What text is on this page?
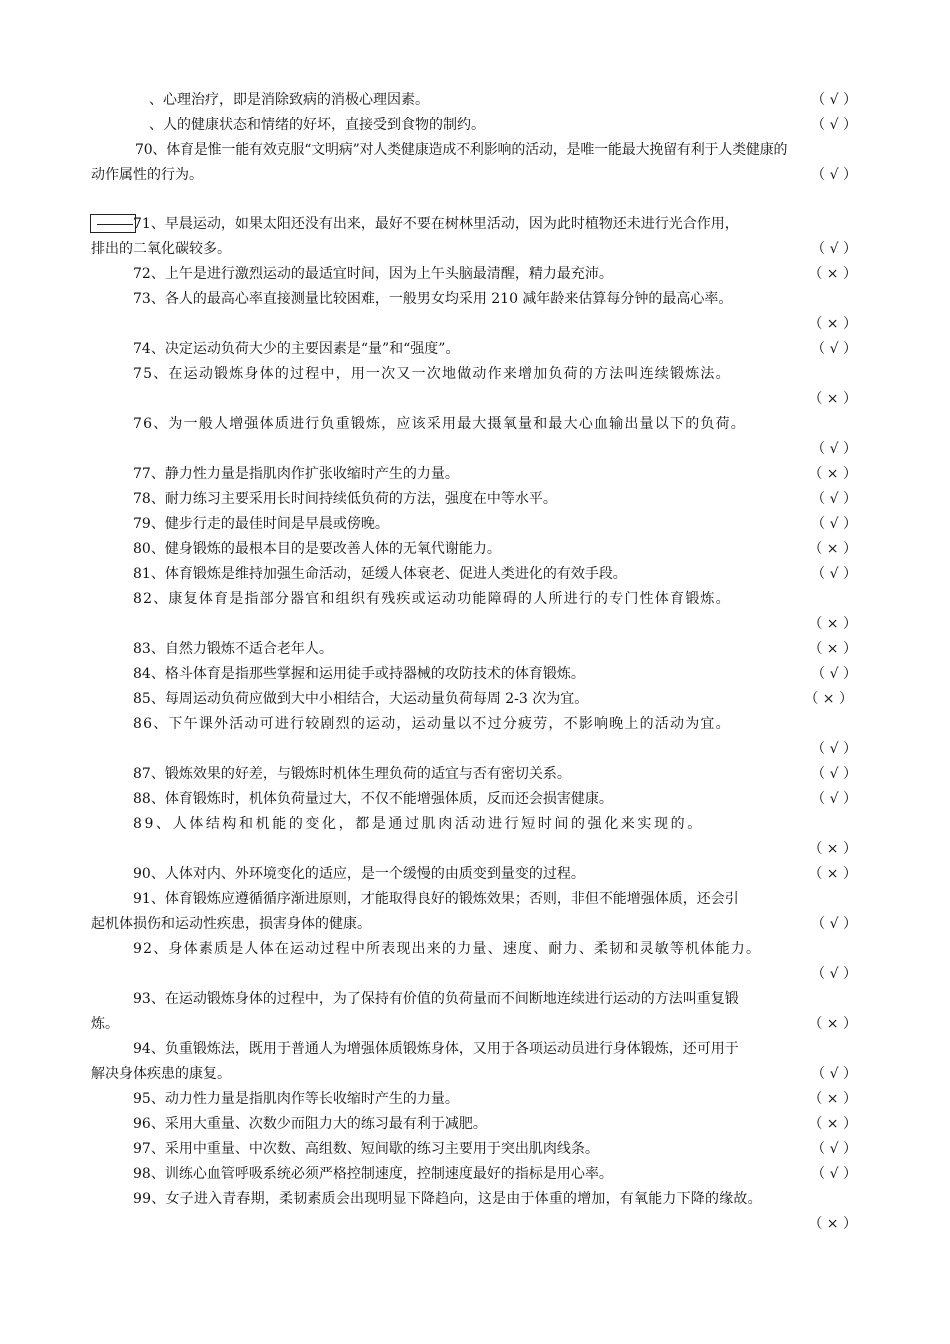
、心理治疗，即是消除致病的消极心理因素。	（ √ ）
、人的健康状态和情绪的好坏，直接受到食物的制约。	（ √ ）
70、体育是惟一能有效克服“文明病”对人类健康造成不利影响的活动，是唯一能最大挽留有利于人类健康的
动作属性的行为。	（ √ ）
71、早晨运动，如果太阳还没有出来，最好不要在树林里活动，因为此时植物还未进行光合作用，
排出的二氧化碳较多。	（ √ ）
72、上午是进行激烈运动的最适宜时间，因为上午头脑最清醒，精力最充沛。	（ × ）
73、各人的最高心率直接测量比较困难，一般男女均采用 210 减年龄来估算每分钟的最高心率。
（ × ）
74、决定运动负荷大少的主要因素是“量”和“强度”。	（ √ ）
75、在运动锻炼身体的过程中，用一次又一次地做动作来增加负荷的方法叫连续锻炼法。
（ × ）
76、为一般人增强体质进行负重锻炼，应该采用最大摄氧量和最大心血输出量以下的负荷。
（ √ ）
77、静力性力量是指肌肉作扩张收缩时产生的力量。	（ × ）
78、耐力练习主要采用长时间持续低负荷的方法，强度在中等水平。	（ √ ）
79、健步行走的最佳时间是早晨或傍晚。	（ √ ）
80、健身锻炼的最根本目的是要改善人体的无氧代谢能力。	（ × ）
81、体育锻炼是维持加强生命活动，延缓人体衰老、促进人类进化的有效手段。	（ √ ）
82、康复体育是指部分器官和组织有残疾或运动功能障碍的人所进行的专门性体育锻炼。
（ × ）
83、自然力锻炼不适合老年人。	（ × ）
84、格斗体育是指那些掌握和运用徒手或持器械的攻防技术的体育锻炼。	（ √ ）
85、每周运动负荷应做到大中小相结合，大运动量负荷每周 2-3 次为宜。	（ × ）
86、下午课外活动可进行较剧烈的运动，运动量以不过分疲劳，不影响晚上的活动为宜。
（ √ ）
87、锻炼效果的好差，与锻炼时机体生理负荷的适宜与否有密切关系。	（ √ ）
88、体育锻炼时，机体负荷量过大，不仅不能增强体质，反而还会损害健康。	（ √ ）
89、人体结构和机能的变化，都是通过肌肉活动进行短时间的强化来实现的。
（ × ）
90、人体对内、外环境变化的适应，是一个缓慢的由质变到量变的过程。	（ × ）
91、体育锻炼应遵循循序渐进原则，才能取得良好的锻炼效果；否则，非但不能增强体质，还会引
起机体损伤和运动性疾患，损害身体的健康。	（ √ ）
92、身体素质是人体在运动过程中所表现出来的力量、速度、耐力、柔韧和灵敏等机体能力。
（ √ ）
93、在运动锻炼身体的过程中，为了保持有价值的负荷量而不间断地连续进行运动的方法叫重复锻
炼。	（ × ）
94、负重锻炼法，既用于普通人为增强体质锻炼身体，又用于各项运动员进行身体锻炼，还可用于
解决身体疾患的康复。	（ √ ）
95、动力性力量是指肌肉作等长收缩时产生的力量。	（ × ）
96、采用大重量、次数少而阻力大的练习最有利于减肥。	（ × ）
97、采用中重量、中次数、高组数、短间歇的练习主要用于突出肌肉线条。	（ √ ）
98、训练心血管呼吸系统必须严格控制速度，控制速度最好的指标是用心率。	（ √ ）
99、女子进入青春期，柔韧素质会出现明显下降趋向，这是由于体重的增加，有氧能力下降的缘故。
（ × ）
